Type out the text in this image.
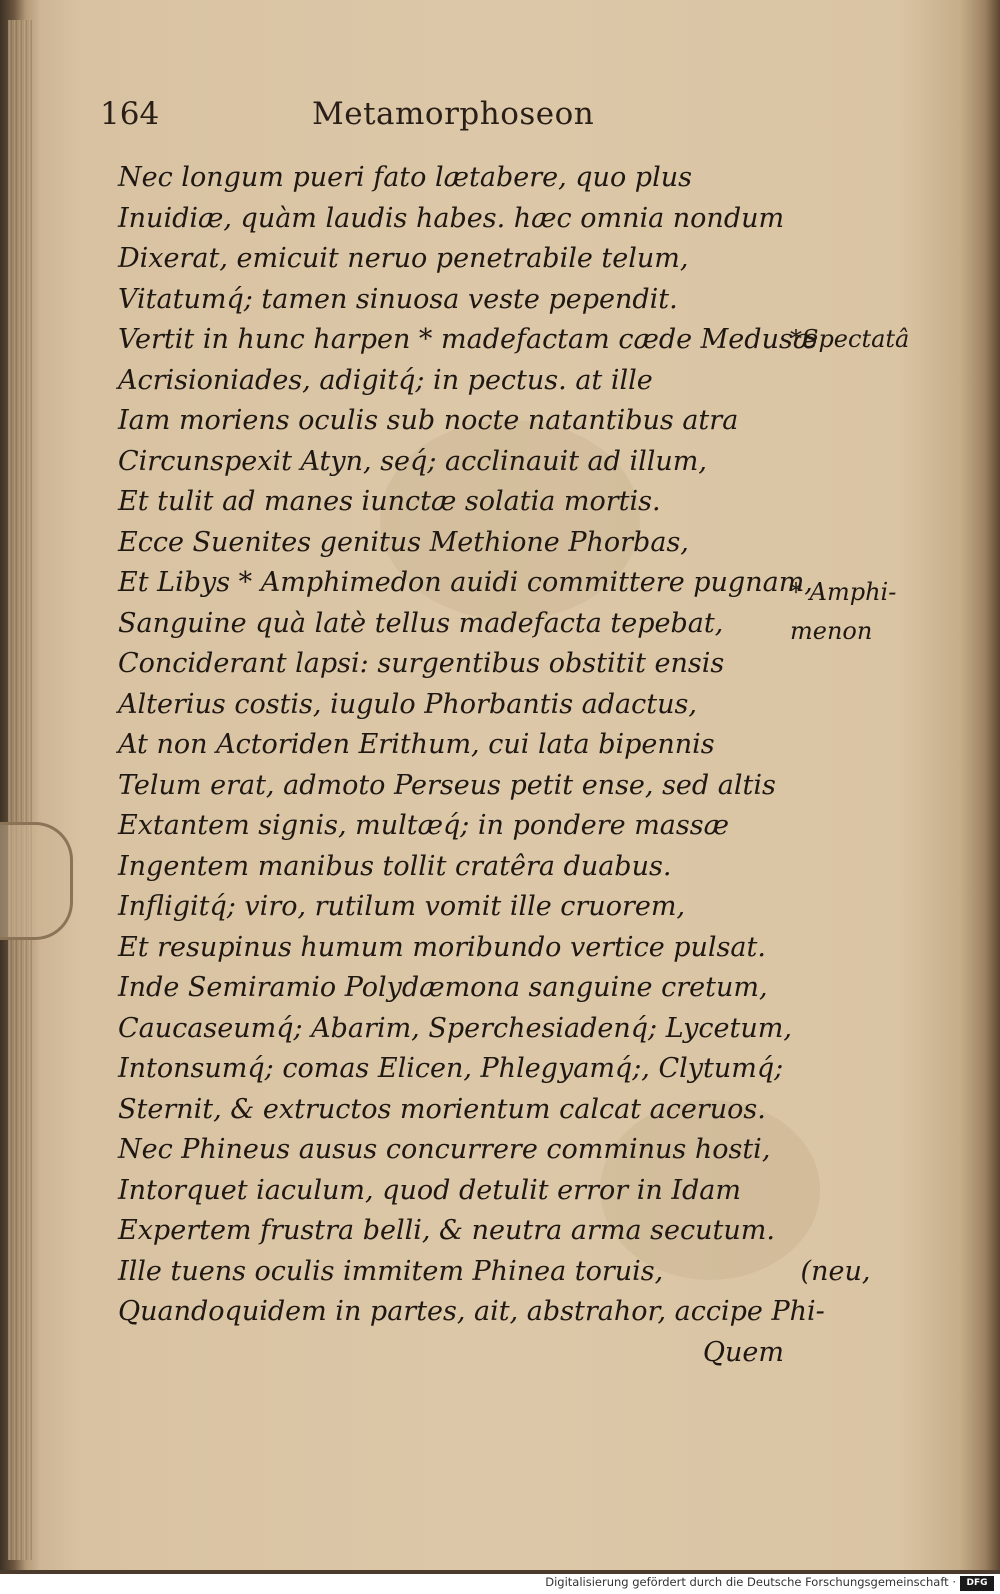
164	Metamorphoseon
Nec longum pueri fato lætabere, quo plus
Inuidiæ, quàm laudis habes. hæc omnia nondum
Dixerat, emicuit neruo penetrabile telum,
Vitatumq́; tamen sinuosa veste pependit.
Vertit in hunc harpen * madefactam cæde Medusæ
Acrisioniades, adigitq́; in pectus. at ille
Iam moriens oculis sub nocte natantibus atra
Circunspexit Atyn, seq́; acclinauit ad illum,
Et tulit ad manes iunctæ solatia mortis.
Ecce Suenites genitus Methione Phorbas,
Et Libys * Amphimedon auidi committere pugnam,
Sanguine quà latè tellus madefacta tepebat,
Conciderant lapsi: surgentibus obstitit ensis
Alterius costis, iugulo Phorbantis adactus,
At non Actoriden Erithum, cui lata bipennis
Telum erat, admoto Perseus petit ense, sed altis
Extantem signis, multæq́; in pondere massæ
Ingentem manibus tollit cratêra duabus.
Infligitq́; viro, rutilum vomit ille cruorem,
Et resupinus humum moribundo vertice pulsat.
Inde Semiramio Polydæmona sanguine cretum,
Caucaseumq́; Abarim, Sperchesiadenq́; Lycetum,
Intonsumq́; comas Elicen, Phlegyamq́;, Clytumq́;
Sternit, & extructos morientum calcat aceruos.
Nec Phineus ausus concurrere comminus hosti,
Intorquet iaculum, quod detulit error in Idam
Expertem frustra belli, & neutra arma secutum.
Ille tuens oculis immitem Phinea toruis,                (neu,
Quandoquidem in partes, ait, abstrahor, accipe Phi-
Quem
*Spectatâ
* Amphi-
menon
Digitalisierung gefördert durch die Deutsche Forschungsgemeinschaft ·	DFG
